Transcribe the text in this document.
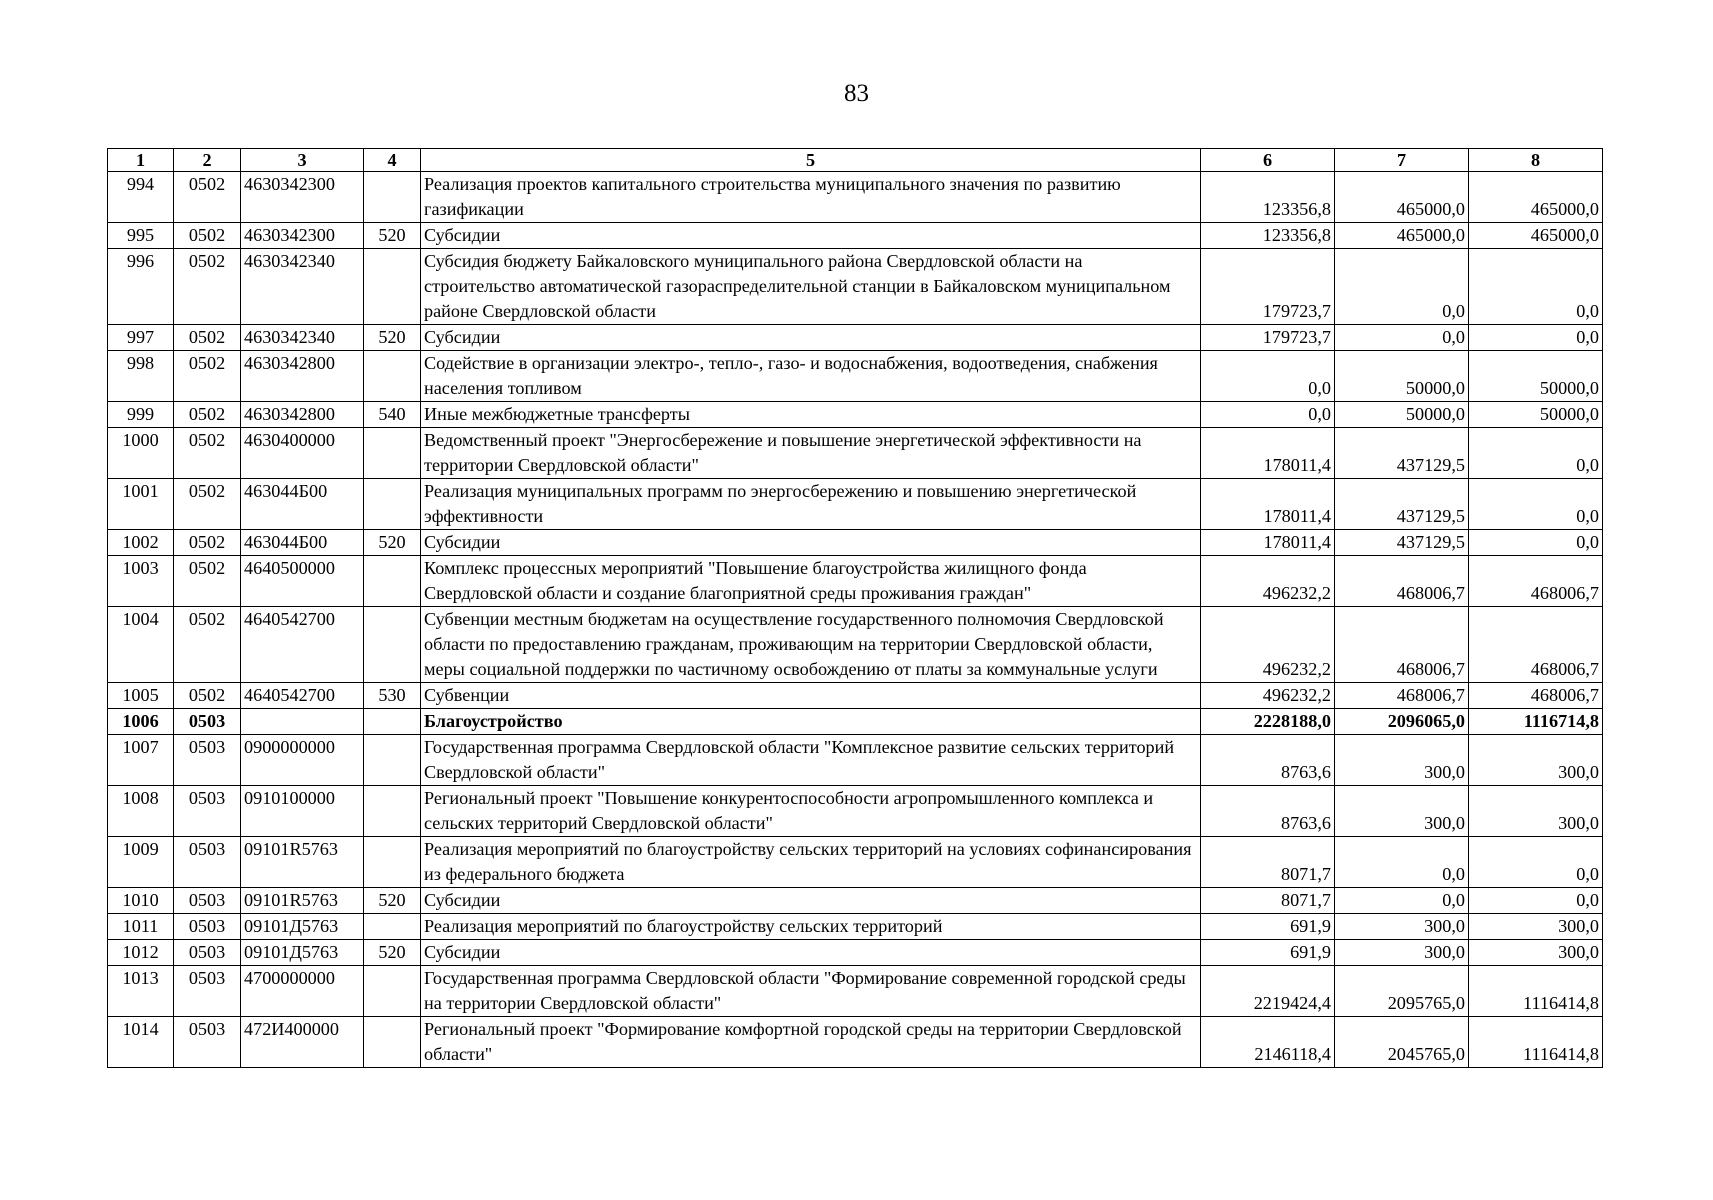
83
1	2	3	4	5	6	7	8
994	0502	4630342300		Реализация проектов капитального строительства муниципального значения по развитию газификации	123356,8	465000,0	465000,0
995	0502	4630342300	520	Субсидии	123356,8	465000,0	465000,0
996	0502	4630342340		Субсидия бюджету Байкаловского муниципального района Свердловской области на строительство автоматической газораспределительной станции в Байкаловском муниципальном районе Свердловской области	179723,7	0,0	0,0
997	0502	4630342340	520	Субсидии	179723,7	0,0	0,0
998	0502	4630342800		Содействие в организации электро-, тепло-, газо- и водоснабжения, водоотведения, снабжения населения топливом	0,0	50000,0	50000,0
999	0502	4630342800	540	Иные межбюджетные трансферты	0,0	50000,0	50000,0
1000	0502	4630400000		Ведомственный проект "Энергосбережение и повышение энергетической эффективности на территории Свердловской области"	178011,4	437129,5	0,0
1001	0502	463044Б00		Реализация муниципальных программ по энергосбережению и повышению энергетической эффективности	178011,4	437129,5	0,0
1002	0502	463044Б00	520	Субсидии	178011,4	437129,5	0,0
1003	0502	4640500000		Комплекс процессных мероприятий "Повышение благоустройства жилищного фонда Свердловской области и создание благоприятной среды проживания граждан"	496232,2	468006,7	468006,7
1004	0502	4640542700		Субвенции местным бюджетам на осуществление государственного полномочия Свердловской области по предоставлению гражданам, проживающим на территории Свердловской области, меры социальной поддержки по частичному освобождению от платы за коммунальные услуги	496232,2	468006,7	468006,7
1005	0502	4640542700	530	Субвенции	496232,2	468006,7	468006,7
1006	0503			Благоустройство	2228188,0	2096065,0	1116714,8
1007	0503	0900000000		Государственная программа Свердловской области "Комплексное развитие сельских территорий Свердловской области"	8763,6	300,0	300,0
1008	0503	0910100000		Региональный проект "Повышение конкурентоспособности агропромышленного комплекса и сельских территорий Свердловской области"	8763,6	300,0	300,0
1009	0503	09101R5763		Реализация мероприятий по благоустройству сельских территорий на условиях софинансирования из федерального бюджета	8071,7	0,0	0,0
1010	0503	09101R5763	520	Субсидии	8071,7	0,0	0,0
1011	0503	09101Д5763		Реализация мероприятий по благоустройству сельских территорий	691,9	300,0	300,0
1012	0503	09101Д5763	520	Субсидии	691,9	300,0	300,0
1013	0503	4700000000		Государственная программа Свердловской области "Формирование современной городской среды на территории Свердловской области"	2219424,4	2095765,0	1116414,8
1014	0503	472И400000		Региональный проект "Формирование комфортной городской среды на территории Свердловской области"	2146118,4	2045765,0	1116414,8
